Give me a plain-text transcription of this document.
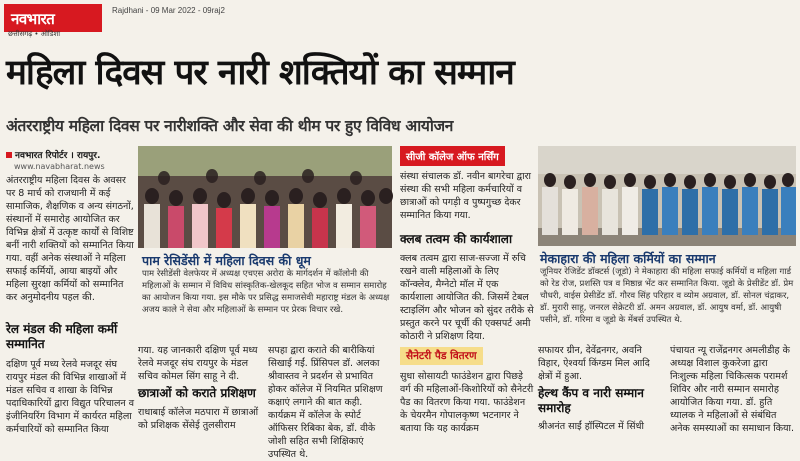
नवभारत
छत्तीसगढ़ • ओडिशा
Rajdhani - 09 Mar 2022 - 09raj2
महिला दिवस पर नारी शक्तियों का सम्मान
अंतरराष्ट्रीय महिला दिवस पर नारीशक्ति और सेवा की थीम पर हुए विविध आयोजन
नवभारत रिपोर्टर । रायपुर.
www.navabharat.news
अंतरराष्ट्रीय महिला दिवस के अवसर पर 8 मार्च को राजधानी में कई सामाजिक, शैक्षणिक व अन्य संगठनों, संस्थानों में समारोह आयोजित कर विभिन्न क्षेत्रों में उत्कृष्ट कार्यों से विशिष्ट बनीं नारी शक्तियों को सम्मानित किया गया. वहीं अनेक संस्थाओं ने महिला सफाई कर्मियों, आया बाइयों और महिला सुरक्षा कर्मियों को सम्मानित कर अनुमोदनीय पहल की.
रेल मंडल की महिला कर्मी सम्मानित
दक्षिण पूर्व मध्य रेलवे मजदूर संघ रायपुर मंडल की विभिन्न शाखाओं में मंडल सचिव व शाखा के विभिन्न पदाधिकारियों द्वारा विद्युत परिचालन व इंजीनियरिंग विभाग में कार्यरत महिला कर्मचारियों को सम्मानित किया
पाम रेसिडेंसी में महिला दिवस की धूम
पाम रेसीडेंसी वेलफेयर में अध्यक्ष एचएस अरोरा के मार्गदर्शन में कॉलोनी की महिलाओं के सम्मान में विविध सांस्कृतिक-खेलकूद सहित भोज व सम्मान समारोह का आयोजन किया गया. इस मौके पर प्रसिद्ध समाजसेवी महाराष्ट्र मंडल के अध्यक्ष अजय काले ने सेवा और महिलाओं के सम्मान पर प्रेरक विचार रखे.
गया. यह जानकारी दक्षिण पूर्व मध्य रेलवे मजदूर संघ रायपुर के मंडल सचिव कोमल सिंग साहू ने दी.
छात्राओं को कराते प्रशिक्षण
राधाबाई कॉलेज मठपारा में छात्राओं को प्रशिक्षक सेंसेई तुलसीराम
सपहा द्वारा कराते की बारीकियां सिखाई गईं. प्रिंसिपल डॉ. अलका श्रीवास्तव ने प्रदर्शन से प्रभावित होकर कॉलेज में नियमित प्रशिक्षण कक्षाएं लगाने की बात कही. कार्यक्रम में कॉलेज के स्पोर्ट ऑफिसर रिबिका बेक, डॉ. वीके जोशी सहित सभी शिक्षिकाएं उपस्थित थे.
सीजी कॉलेज ऑफ नर्सिंग
संस्था संचालक डॉ. नवीन बागरेचा द्वारा संस्था की सभी महिला कर्मचारियों व छात्राओं को पगड़ी व पुष्पगुच्छ देकर सम्मानित किया गया.
क्लब तत्वम की कार्यशाला
क्लब तत्वम द्वारा साज-सज्जा में रुचि रखने वाली महिलाओं के लिए कॉन्क्लेव, मैग्नेटो मॉल में एक कार्यशाला आयोजित की. जिसमें टेबल स्टाइलिंग और भोजन को सुंदर तरीके से प्रस्तुत करने पर चूर्ची की एक्सपर्ट अमी कोठारी ने प्रशिक्षण दिया.
सैनेटरी पैड वितरण
सुधा सोसायटी फाउंडेशन द्वारा पिछड़े वर्ग की महिलाओं-किशोरियों को सैनेटरी पैड का वितरण किया गया. फाउंडेशन के चेयरमैन गोपालकृष्ण भटनागर ने बताया कि यह कार्यक्रम
मेकाहारा की महिला कर्मियों का सम्मान
जूनियर रेजिडेंट डॉक्टर्स (जूडो) ने मेकाहारा की महिला सफाई कर्मियों व महिला गार्ड को रेड रोज, प्रशस्ति पत्र व मिष्ठान्न भेंट कर सम्मानित किया. जूडो के प्रेसीडेंट डॉ. प्रेम चौधरी, वाईस प्रेसीडेंट डॉ. गौरव सिंह परिहार व व्योम अग्रवाल, डॉ. सोनल चंद्राकर, डॉ. मुरारी साहू, जनरल सेक्रेटरी डॉ. अमन अग्रवाल, डॉ. आयुष वर्मा, डॉ. आयुषी पसीने, डॉ. गरिमा व जूडो के मेंबर्स उपस्थित थे.
सफायर ग्रीन, देवेंद्रनगर, अवनि विहार, ऐश्वर्या किंग्डम मिल आदि क्षेत्रों में हुआ.
हेल्थ कैंप व नारी सम्मान समारोह
श्रीअनंत साईं हॉस्पिटल में सिंधी
पंचायत न्यू राजेंद्रनगर अमलीडीह के अध्यक्ष विशाल कुकरेजा द्वारा निःशुल्क महिला चिकित्सक परामर्श शिविर और नारी सम्मान समारोह आयोजित किया गया. डॉ. हुति ध्यालक ने महिलाओं से संबंधित अनेक समस्याओं का समाधान किया.
